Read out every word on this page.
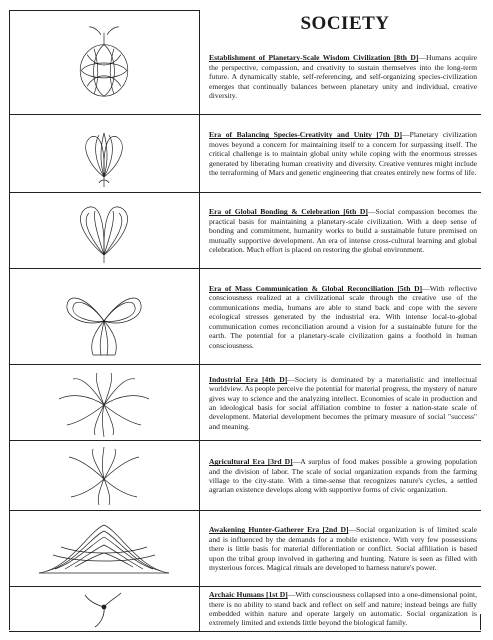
SOCIETY
Establishment of Planetary-Scale Wisdom Civilization [8th D]—Humans acquire the perspective, compassion, and creativity to sustain themselves into the long-term future. A dynamically stable, self-referencing, and self-organizing species-civilization emerges that continually balances between planetary unity and individual, creative diversity.
Era of Balancing Species-Creativity and Unity [7th D]—Planetary civilization moves beyond a concern for maintaining itself to a concern for surpassing itself. The critical challenge is to maintain global unity while coping with the enormous stresses generated by liberating human creativity and diversity. Creative ventures might include the terraforming of Mars and genetic engineering that creates entirely new forms of life.
Era of Global Bonding & Celebration [6th D]—Social compassion becomes the practical basis for maintaining a planetary-scale civilization. With a deep sense of bonding and commitment, humanity works to build a sustainable future premised on mutually supportive development. An era of intense cross-cultural learning and global celebration. Much effort is placed on restoring the global environment.
Era of Mass Communication & Global Reconciliation [5th D]—With reflective consciousness realized at a civilizational scale through the creative use of the communications media, humans are able to stand back and cope with the severe ecological stresses generated by the industrial era. With intense local-to-global communication comes reconciliation around a vision for a sustainable future for the earth. The potential for a planetary-scale civilization gains a foothold in human consciousness.
Industrial Era [4th D]—Society is dominated by a materialistic and intellectual worldview. As people perceive the potential for material progress, the mystery of nature gives way to science and the analyzing intellect. Economies of scale in production and an ideological basis for social affiliation combine to foster a nation-state scale of development. Material development becomes the primary measure of social "success" and meaning.
Agricultural Era [3rd D]—A surplus of food makes possible a growing population and the division of labor. The scale of social organization expands from the farming village to the city-state. With a time-sense that recognizes nature's cycles, a settled agrarian existence develops along with supportive forms of civic organization.
Awakening Hunter-Gatherer Era [2nd D]—Social organization is of limited scale and is influenced by the demands for a mobile existence. With very few possessions there is little basis for material differentiation or conflict. Social affiliation is based upon the tribal group involved in gathering and hunting. Nature is seen as filled with mysterious forces. Magical rituals are developed to harness nature's power.
Archaic Humans [1st D]—With consciousness collapsed into a one-dimensional point, there is no ability to stand back and reflect on self and nature; instead beings are fully embedded within nature and operate largely on automatic. Social organization is extremely limited and extends little beyond the biological family.
